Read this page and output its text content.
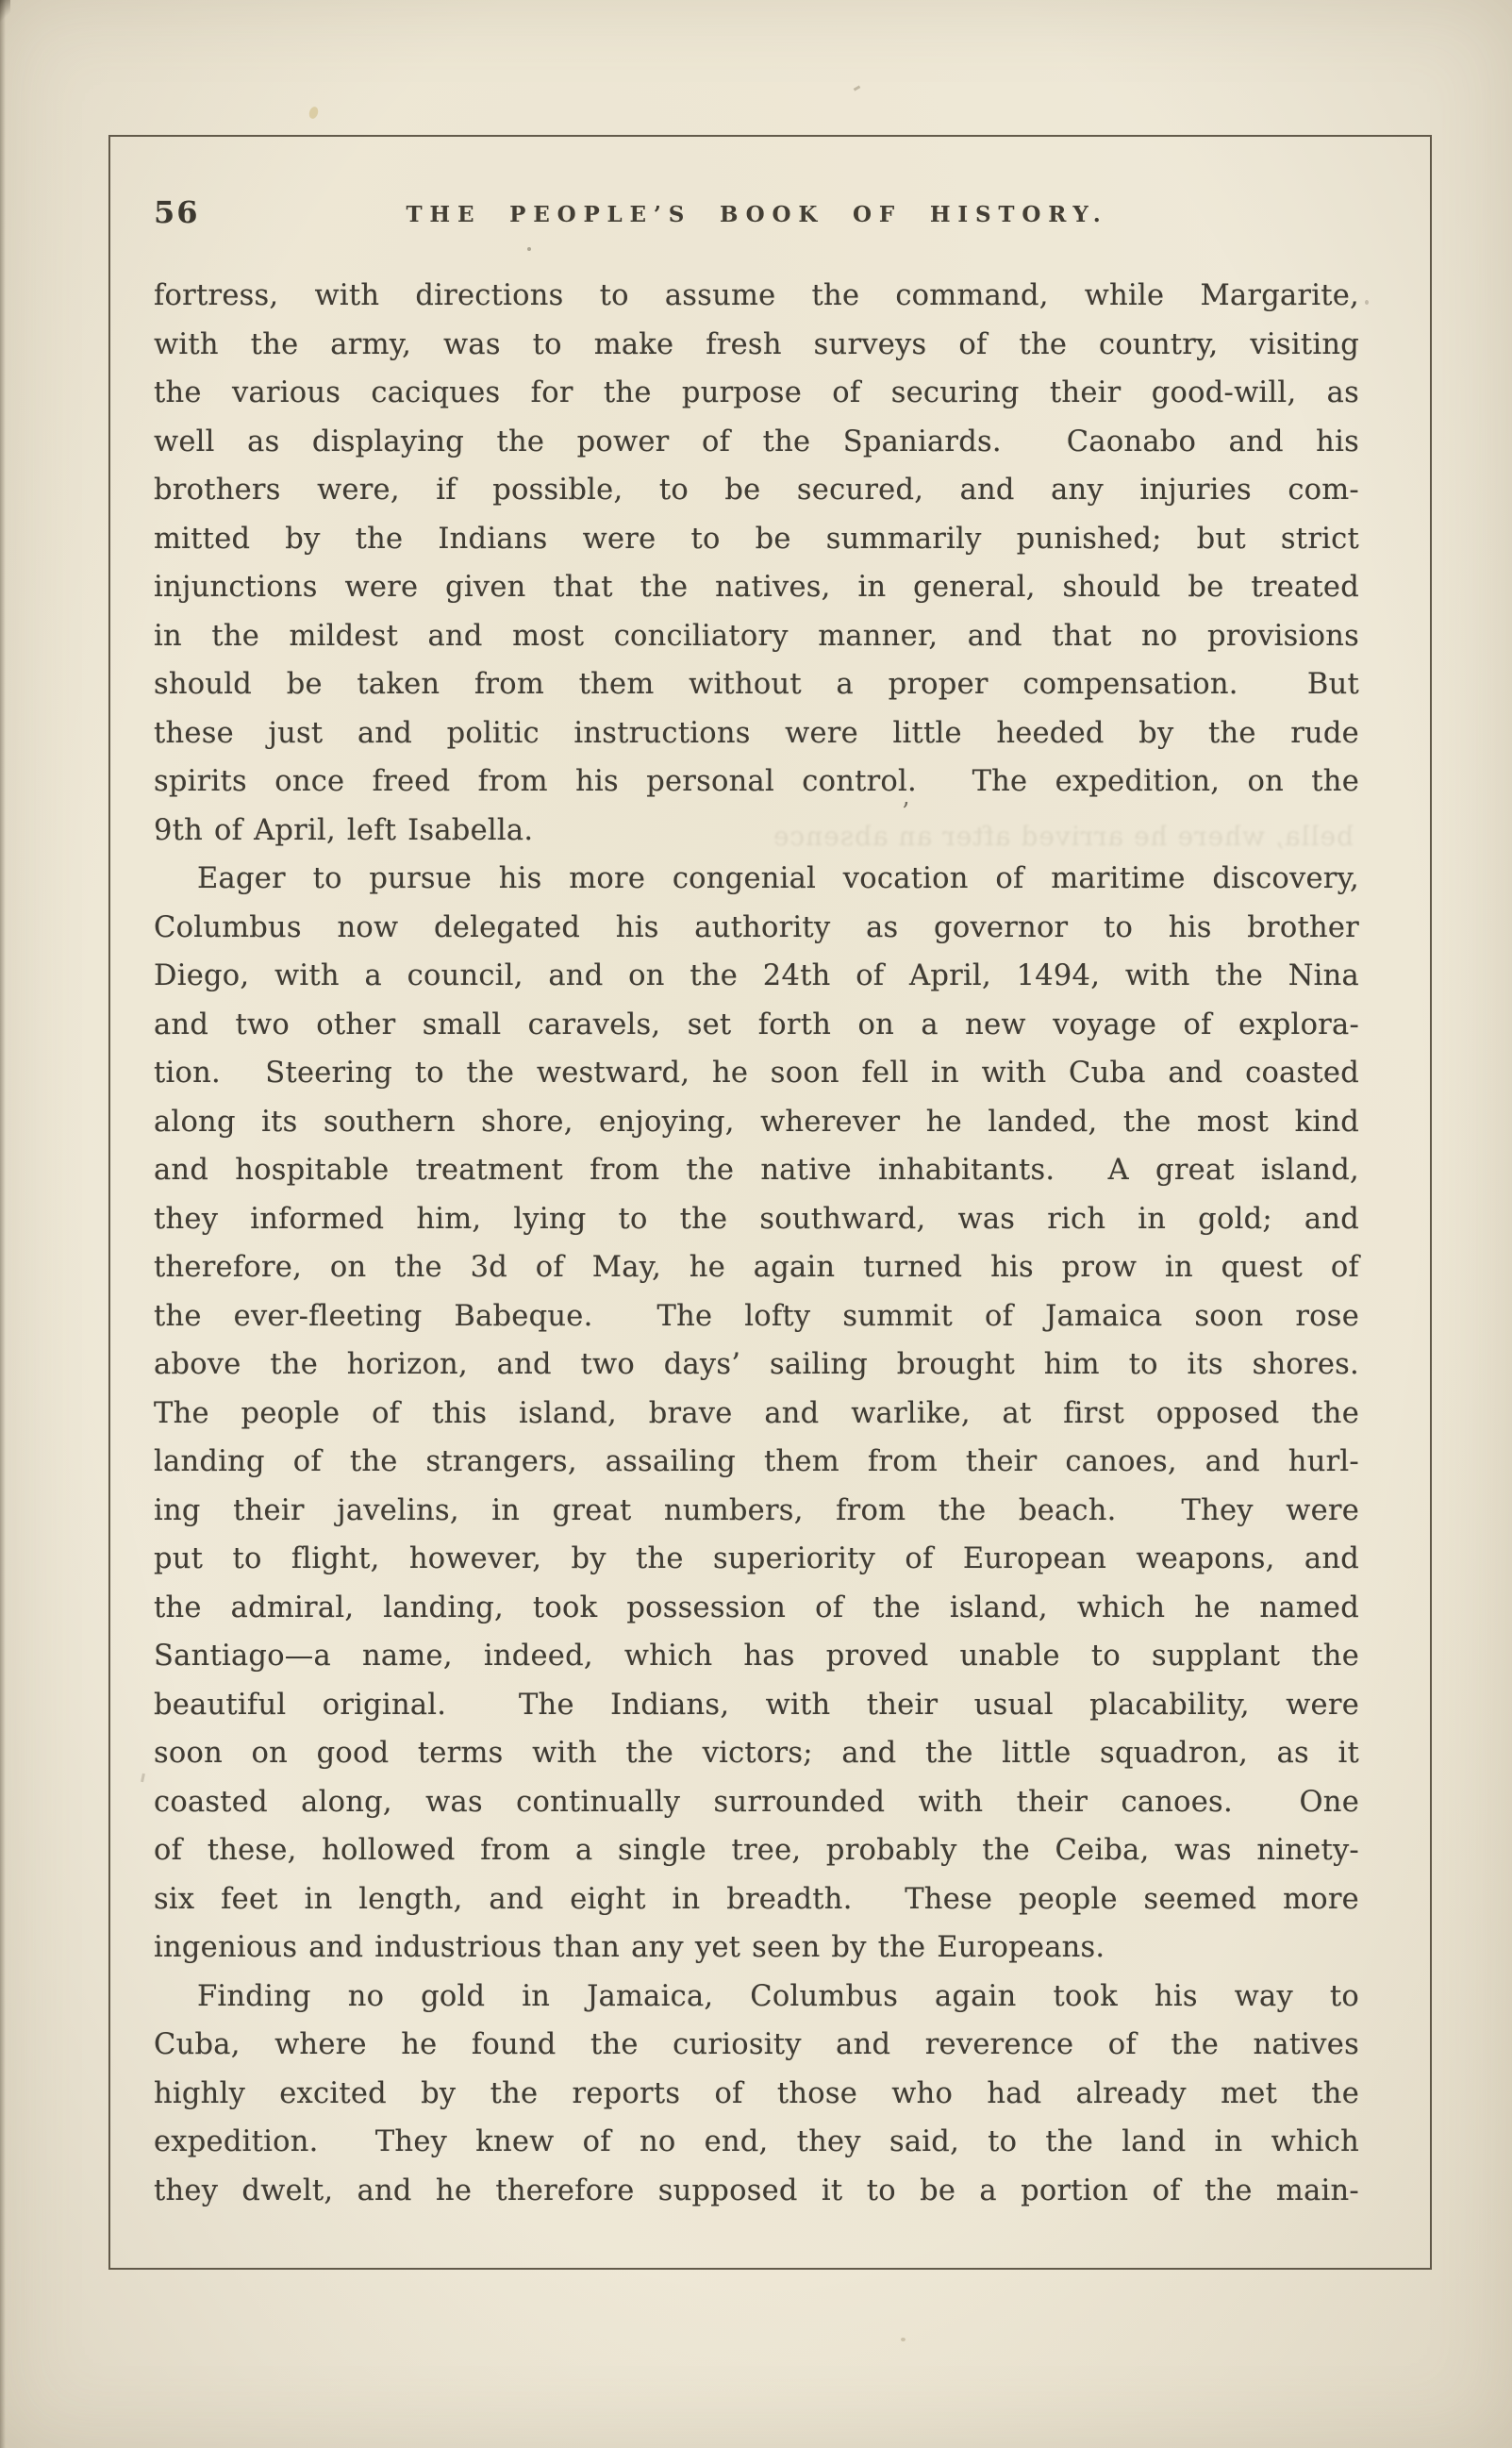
56	THE PEOPLE’S BOOK OF HISTORY.
bella, where he arrived after an absence
’
fortress, with directions to assume the command, while Margarite,
with the army, was to make fresh surveys of the country, visiting
the various caciques for the purpose of securing their good-will, as
well as displaying the power of the Spaniards.  Caonabo and his
brothers were, if possible, to be secured, and any injuries com-
mitted by the Indians were to be summarily punished; but strict
injunctions were given that the natives, in general, should be treated
in the mildest and most conciliatory manner, and that no provisions
should be taken from them without a proper compensation.  But
these just and politic instructions were little heeded by the rude
spirits once freed from his personal control.  The expedition, on the
9th of April, left Isabella.
Eager to pursue his more congenial vocation of maritime discovery,
Columbus now delegated his authority as governor to his brother
Diego, with a council, and on the 24th of April, 1494, with the Nina
and two other small caravels, set forth on a new voyage of explora-
tion.  Steering to the westward, he soon fell in with Cuba and coasted
along its southern shore, enjoying, wherever he landed, the most kind
and hospitable treatment from the native inhabitants.  A great island,
they informed him, lying to the southward, was rich in gold; and
therefore, on the 3d of May, he again turned his prow in quest of
the ever-fleeting Babeque.  The lofty summit of Jamaica soon rose
above the horizon, and two days’ sailing brought him to its shores.
The people of this island, brave and warlike, at first opposed the
landing of the strangers, assailing them from their canoes, and hurl-
ing their javelins, in great numbers, from the beach.  They were
put to flight, however, by the superiority of European weapons, and
the admiral, landing, took possession of the island, which he named
Santiago—a name, indeed, which has proved unable to supplant the
beautiful original.  The Indians, with their usual placability, were
soon on good terms with the victors; and the little squadron, as it
coasted along, was continually surrounded with their canoes.  One
of these, hollowed from a single tree, probably the Ceiba, was ninety-
six feet in length, and eight in breadth.  These people seemed more
ingenious and industrious than any yet seen by the Europeans.
Finding no gold in Jamaica, Columbus again took his way to
Cuba, where he found the curiosity and reverence of the natives
highly excited by the reports of those who had already met the
expedition.  They knew of no end, they said, to the land in which
they dwelt, and he therefore supposed it to be a portion of the main-
